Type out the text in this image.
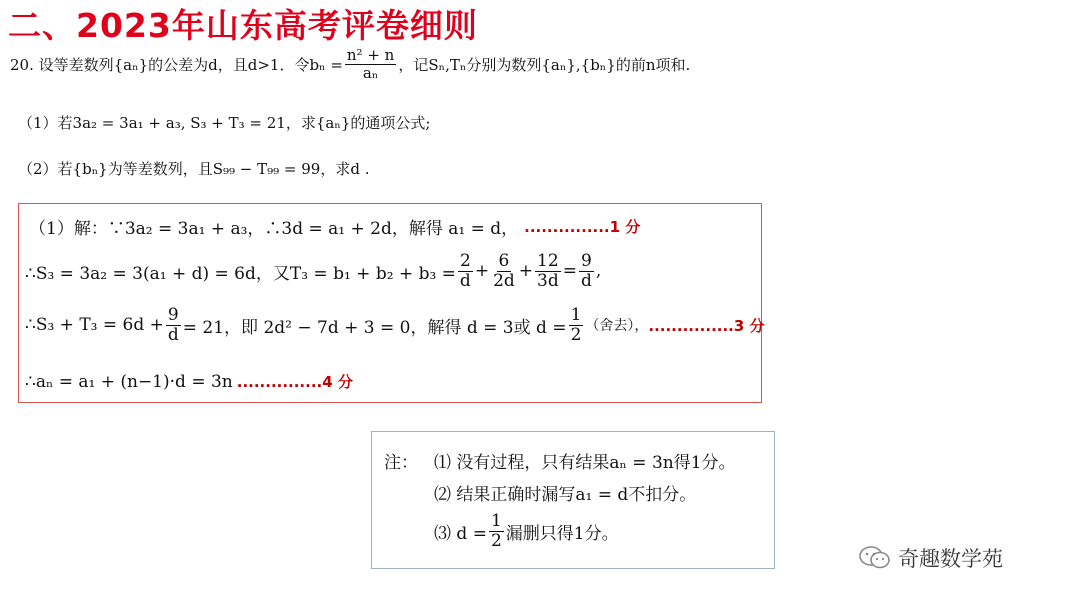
二、2023年山东高考评卷细则
20. 设等差数列{aₙ}的公差为d，且d>1．令$b_n = \frac{\text{n² + n}}{\text{aₙ}}$ ，记Sₙ,Tₙ分别为数列{aₙ},{bₙ}的前n项和.
（1）若3a₂ = 3a₁ + a₃, S₃ + T₃ = 21，求{aₙ}的通项公式;
（2）若{bₙ}为等差数列，且S₉₉ − T₉₉ = 99，求d .
（1）解：∵3a₂ = 3a₁ + a₃，∴3d = a₁ + 2d，解得 a₁ = d， ...............1 分
∴S₃ = 3a₂ = 3(a₁ + d) = 6d，又$T_3 = b_1 + b_2 + b_3 = \frac{2}{d} + \frac{6}{2d} + \frac{12}{3d} = \frac{9}{d}$ ,
∴S₃ + $T_3 = 6d + \frac{9}{d} = 21$，即 2d² − 7d + 3 = 0，解得 d = 3或 $d = \frac{1}{2}$ （舍去）， ...............3 分
∴aₙ = a₁ + (n−1)·d = 3n ...............4 分
注： ⑴ 没有过程，只有结果aₙ = 3n得1分。
⑵ 结果正确时漏写a₁ = d不扣分。
⑶ $d = \frac{1}{2}$ 漏删只得1分。
奇趣数学苑
